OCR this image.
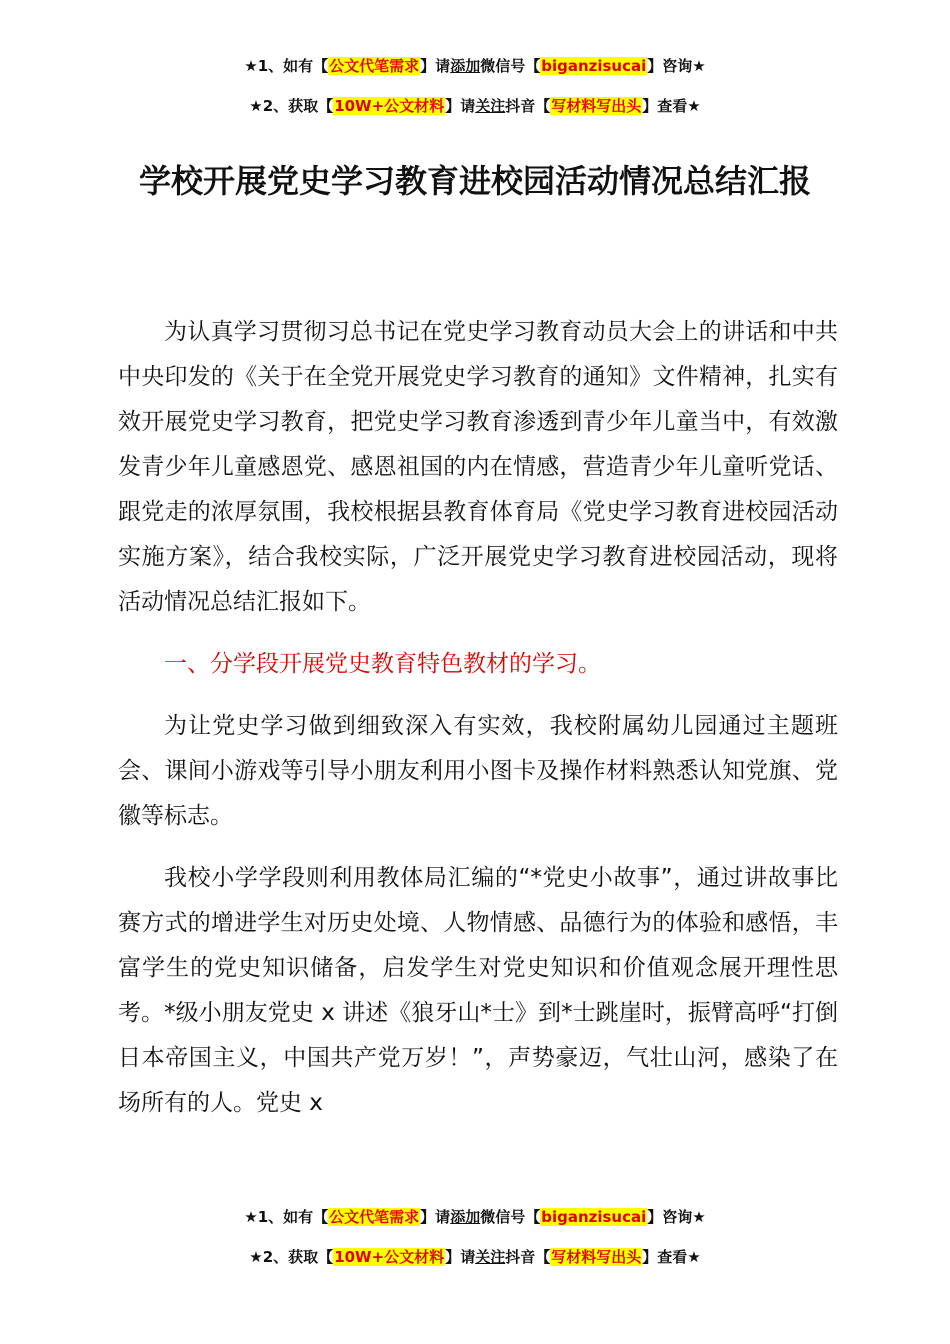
★1、如有【公文代笔需求】请添加微信号【biganzisucai】咨询★
★2、获取【10W+公文材料】请关注抖音【写材料写出头】查看★
学校开展党史学习教育进校园活动情况总结汇报

为认真学习贯彻习总书记在党史学习教育动员大会上的讲话和中共中央印发的《关于在全党开展党史学习教育的通知》文件精神，扎实有效开展党史学习教育，把党史学习教育渗透到青少年儿童当中，有效激发青少年儿童感恩党、感恩祖国的内在情感，营造青少年儿童听党话、跟党走的浓厚氛围，我校根据县教育体育局《党史学习教育进校园活动实施方案》，结合我校实际，广泛开展党史学习教育进校园活动，现将活动情况总结汇报如下。

一、分学段开展党史教育特色教材的学习。

为让党史学习做到细致深入有实效，我校附属幼儿园通过主题班会、课间小游戏等引导小朋友利用小图卡及操作材料熟悉认知党旗、党徽等标志。

我校小学学段则利用教体局汇编的“*党史小故事”，通过讲故事比赛方式的增进学生对历史处境、人物情感、品德行为的体验和感悟，丰富学生的党史知识储备，启发学生对党史知识和价值观念展开理性思考。*级小朋友党史 x 讲述《狼牙山*士》到*士跳崖时，振臂高呼“打倒日本帝国主义，中国共产党万岁！”，声势豪迈，气壮山河，感染了在场所有的人。党史 x

★1、如有【公文代笔需求】请添加微信号【biganzisucai】咨询★
★2、获取【10W+公文材料】请关注抖音【写材料写出头】查看★
